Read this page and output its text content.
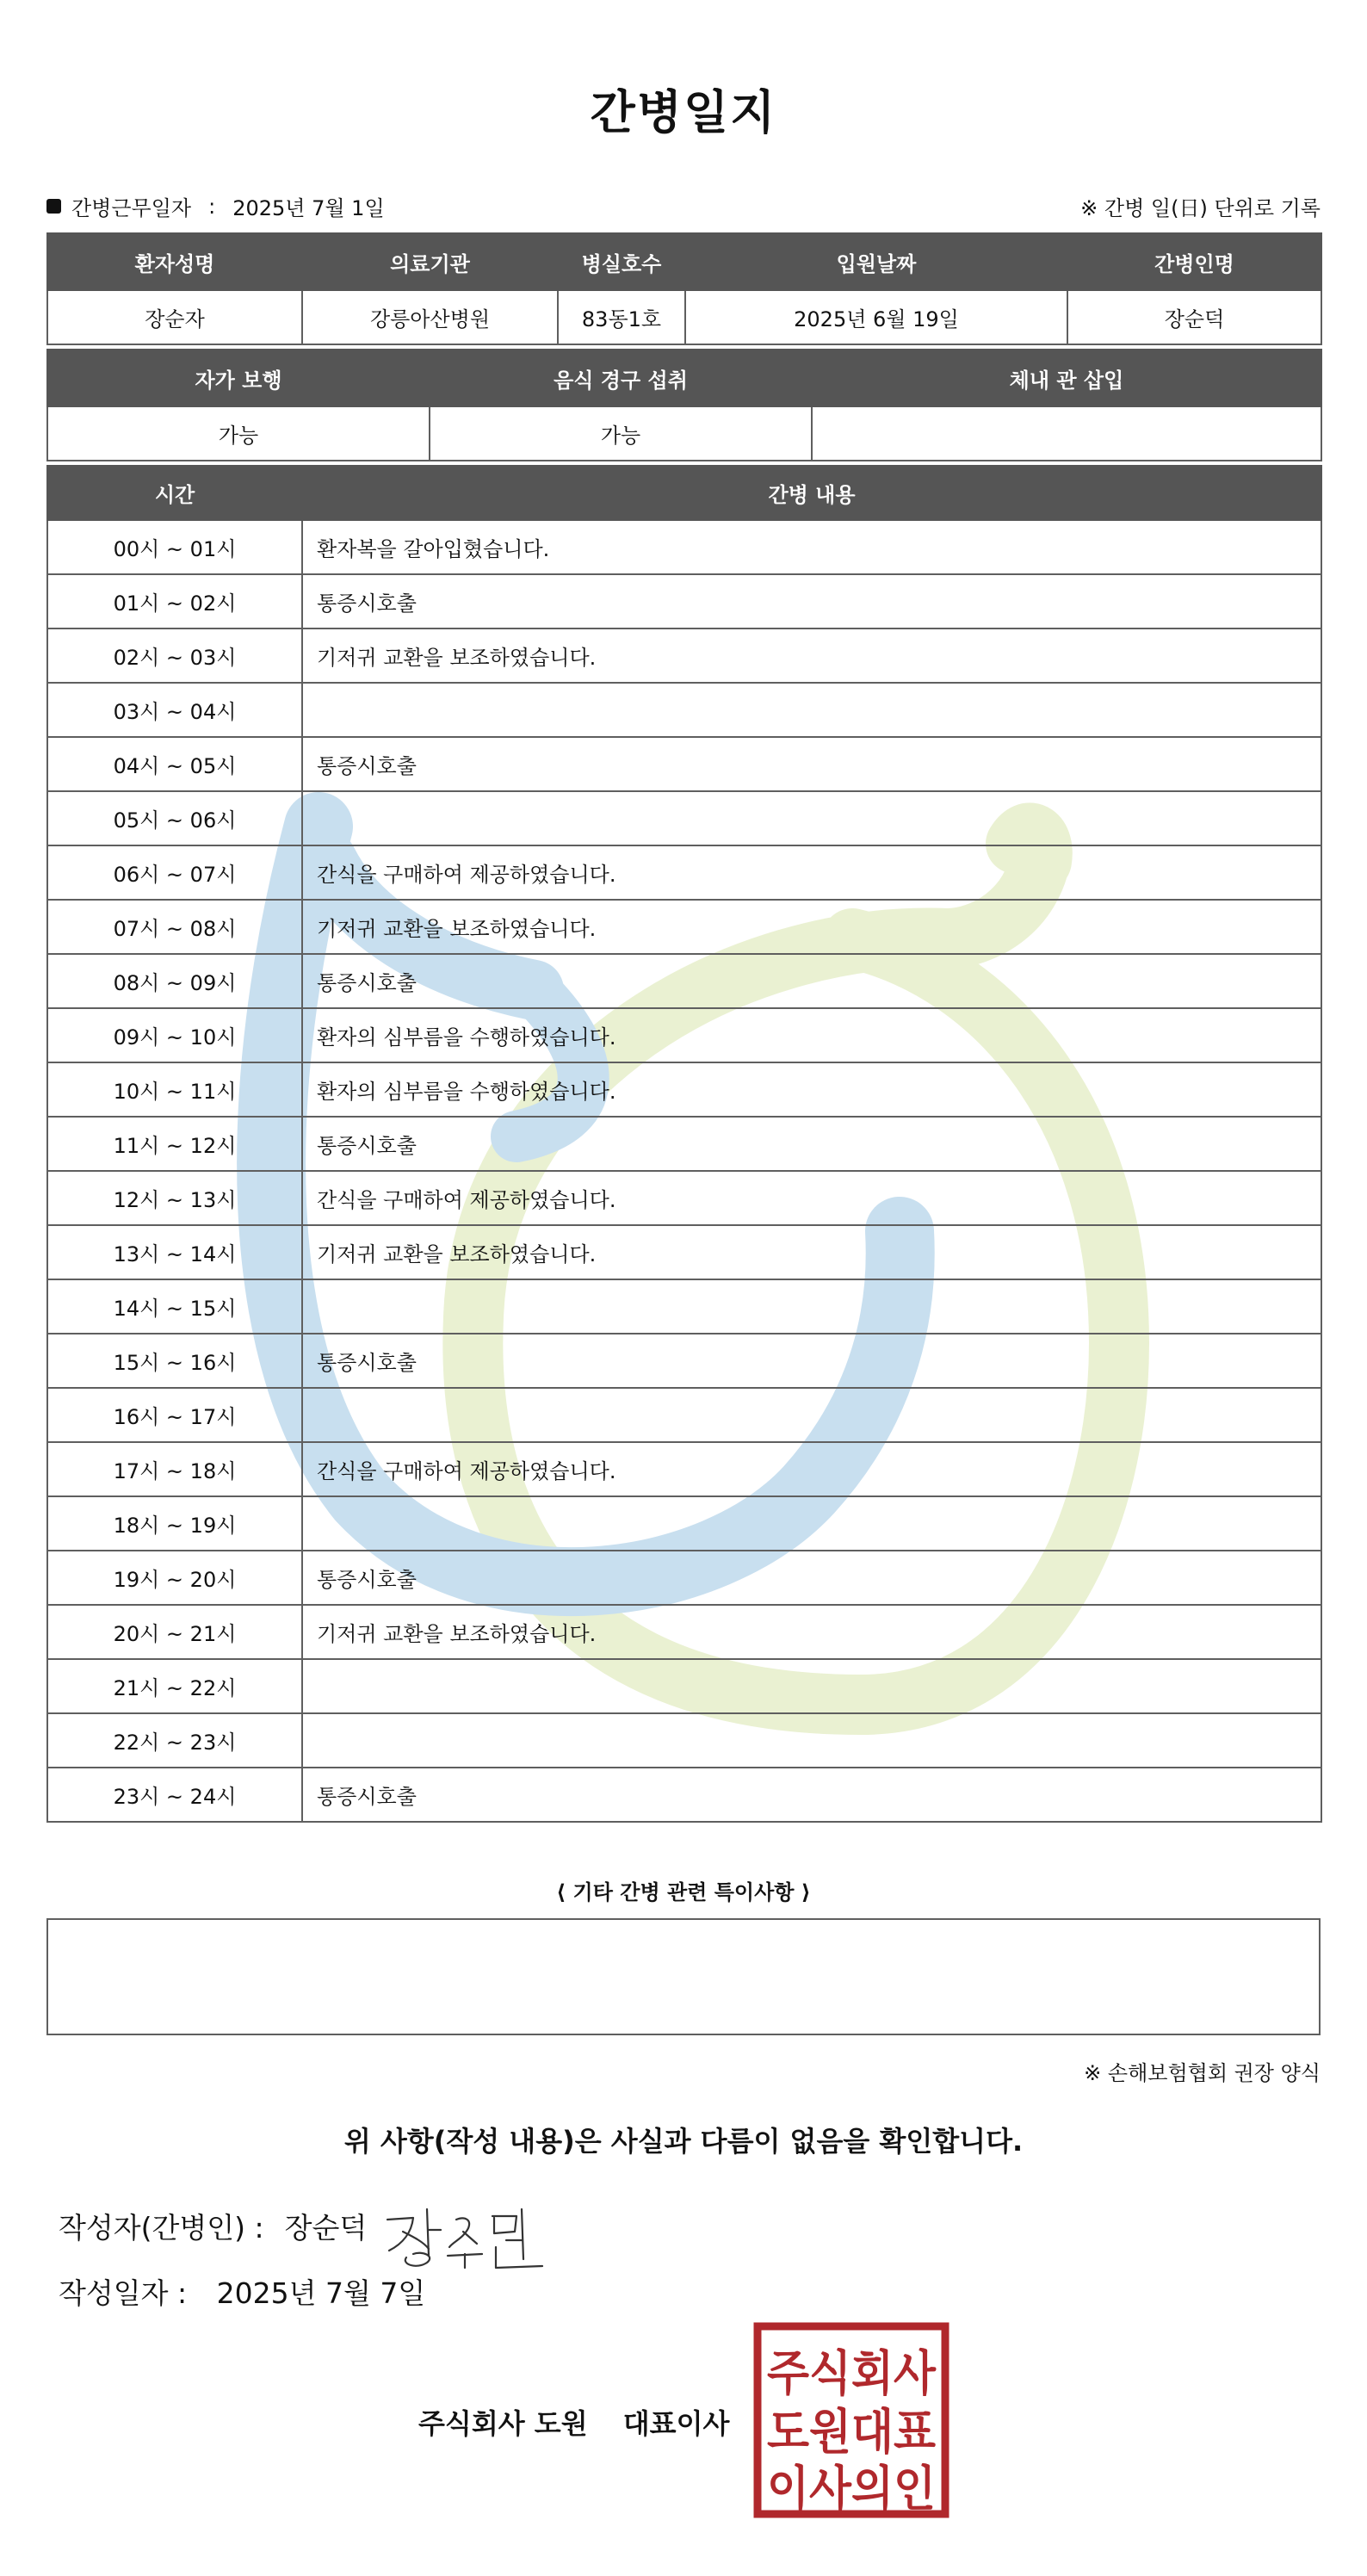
간병일지
간병근무일자 : 2025년 7월 1일	※ 간병 일(日) 단위로 기록
환자성명	의료기관	병실호수	입원날짜	간병인명
장순자	강릉아산병원	83동1호	2025년 6월 19일	장순덕
자가 보행	음식 경구 섭취	체내 관 삽입
가능	가능	
시간	간병 내용
00시 ~ 01시	환자복을 갈아입혔습니다.
01시 ~ 02시	통증시호출
02시 ~ 03시	기저귀 교환을 보조하였습니다.
03시 ~ 04시	
04시 ~ 05시	통증시호출
05시 ~ 06시	
06시 ~ 07시	간식을 구매하여 제공하였습니다.
07시 ~ 08시	기저귀 교환을 보조하였습니다.
08시 ~ 09시	통증시호출
09시 ~ 10시	환자의 심부름을 수행하였습니다.
10시 ~ 11시	환자의 심부름을 수행하였습니다.
11시 ~ 12시	통증시호출
12시 ~ 13시	간식을 구매하여 제공하였습니다.
13시 ~ 14시	기저귀 교환을 보조하였습니다.
14시 ~ 15시	
15시 ~ 16시	통증시호출
16시 ~ 17시	
17시 ~ 18시	간식을 구매하여 제공하였습니다.
18시 ~ 19시	
19시 ~ 20시	통증시호출
20시 ~ 21시	기저귀 교환을 보조하였습니다.
21시 ~ 22시	
22시 ~ 23시	
23시 ~ 24시	통증시호출
⟨ 기타 간병 관련 특이사항 ⟩
※ 손해보험협회 권장 양식
위 사항(작성 내용)은 사실과 다름이 없음을 확인합니다.
작성자(간병인) : 장순덕
작성일자 : 2025년 7월 7일
주식회사 도원 대표이사
주식회사
도원대표
이사의인
